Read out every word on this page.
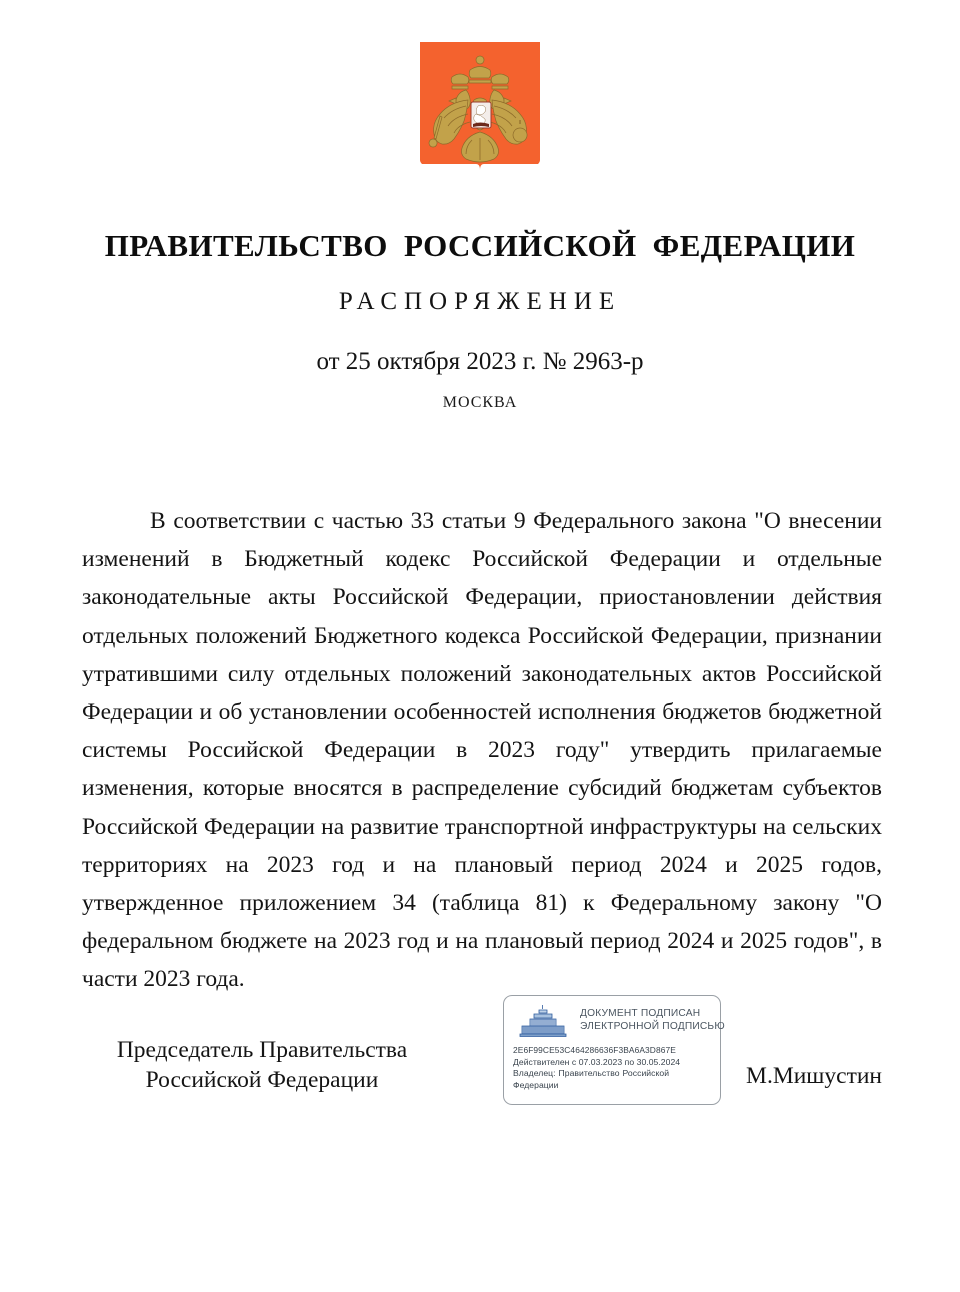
ПРАВИТЕЛЬСТВО РОССИЙСКОЙ ФЕДЕРАЦИИ
РАСПОРЯЖЕНИЕ
от 25 октября 2023 г. № 2963-р
МОСКВА
В соответствии с частью 33 статьи 9 Федерального закона "О внесении изменений в Бюджетный кодекс Российской Федерации и отдельные законодательные акты Российской Федерации, приостановлении действия отдельных положений Бюджетного кодекса Российской Федерации, признании утратившими силу отдельных положений законодательных актов Российской Федерации и об установлении особенностей исполнения бюджетов бюджетной системы Российской Федерации в 2023 году" утвердить прилагаемые изменения, которые вносятся в распределение субсидий бюджетам субъектов Российской Федерации на развитие транспортной инфраструктуры на сельских территориях на 2023 год и на плановый период 2024 и 2025 годов, утвержденное приложением 34 (таблица 81) к Федеральному закону "О федеральном бюджете на 2023 год и на плановый период 2024 и 2025 годов", в части 2023 года.
Председатель Правительства Российской Федерации	М.Мишустин
ДОКУМЕНТ ПОДПИСАН
ЭЛЕКТРОННОЙ ПОДПИСЬЮ
2E6F99CE53C464286636F3BA6A3D867E
Действителен с 07.03.2023 по 30.05.2024
Владелец: Правительство Российской Федерации
